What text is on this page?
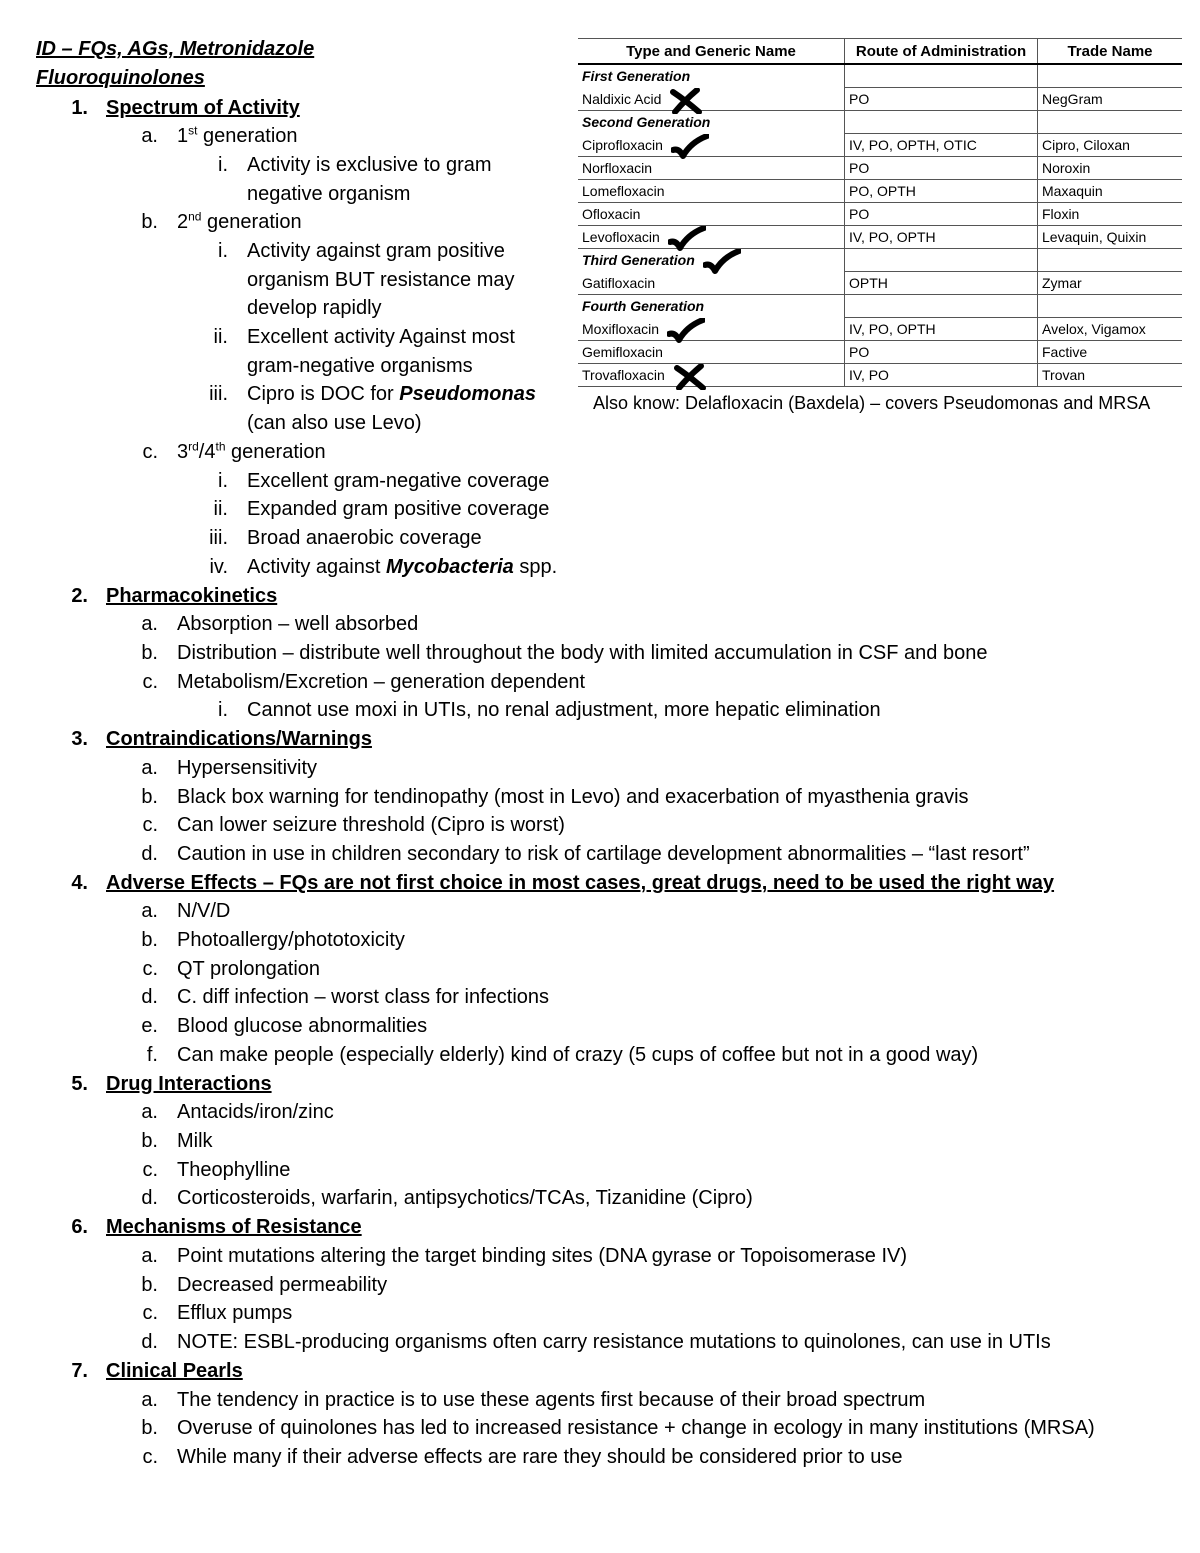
ID – FQs, AGs, Metronidazole
Fluoroquinolones
1. Spectrum of Activity
a. 1st generation
i. Activity is exclusive to gram
negative organism
b. 2nd generation
i. Activity against gram positive
organism BUT resistance may
develop rapidly
ii. Excellent activity Against most
gram-negative organisms
iii. Cipro is DOC for Pseudomonas
(can also use Levo)
c. 3rd/4th generation
i. Excellent gram-negative coverage
ii. Expanded gram positive coverage
iii. Broad anaerobic coverage
iv. Activity against Mycobacteria spp.
2. Pharmacokinetics
a. Absorption – well absorbed
b. Distribution – distribute well throughout the body with limited accumulation in CSF and bone
c. Metabolism/Excretion – generation dependent
i. Cannot use moxi in UTIs, no renal adjustment, more hepatic elimination
3. Contraindications/Warnings
a. Hypersensitivity
b. Black box warning for tendinopathy (most in Levo) and exacerbation of myasthenia gravis
c. Can lower seizure threshold (Cipro is worst)
d. Caution in use in children secondary to risk of cartilage development abnormalities – “last resort”
4. Adverse Effects – FQs are not first choice in most cases, great drugs, need to be used the right way
a. N/V/D
b. Photoallergy/phototoxicity
c. QT prolongation
d. C. diff infection – worst class for infections
e. Blood glucose abnormalities
f. Can make people (especially elderly) kind of crazy (5 cups of coffee but not in a good way)
5. Drug Interactions
a. Antacids/iron/zinc
b. Milk
c. Theophylline
d. Corticosteroids, warfarin, antipsychotics/TCAs, Tizanidine (Cipro)
6. Mechanisms of Resistance
a. Point mutations altering the target binding sites (DNA gyrase or Topoisomerase IV)
b. Decreased permeability
c. Efflux pumps
d. NOTE: ESBL-producing organisms often carry resistance mutations to quinolones, can use in UTIs
7. Clinical Pearls
a. The tendency in practice is to use these agents first because of their broad spectrum
b. Overuse of quinolones has led to increased resistance + change in ecology in many institutions (MRSA)
c. While many if their adverse effects are rare they should be considered prior to use
Type and Generic Name	Route of Administration	Trade Name
First Generation		
Naldixic Acid	PO	NegGram
Second Generation		
Ciprofloxacin	IV, PO, OPTH, OTIC	Cipro, Ciloxan
Norfloxacin	PO	Noroxin
Lomefloxacin	PO, OPTH	Maxaquin
Ofloxacin	PO	Floxin
Levofloxacin	IV, PO, OPTH	Levaquin, Quixin
Third Generation

Gatifloxacin	OPTH	Zymar
Fourth Generation		
Moxifloxacin	IV, PO, OPTH	Avelox, Vigamox
Gemifloxacin	PO	Factive
Trovafloxacin	IV, PO	Trovan
Also know: Delafloxacin (Baxdela) – covers Pseudomonas and MRSA
